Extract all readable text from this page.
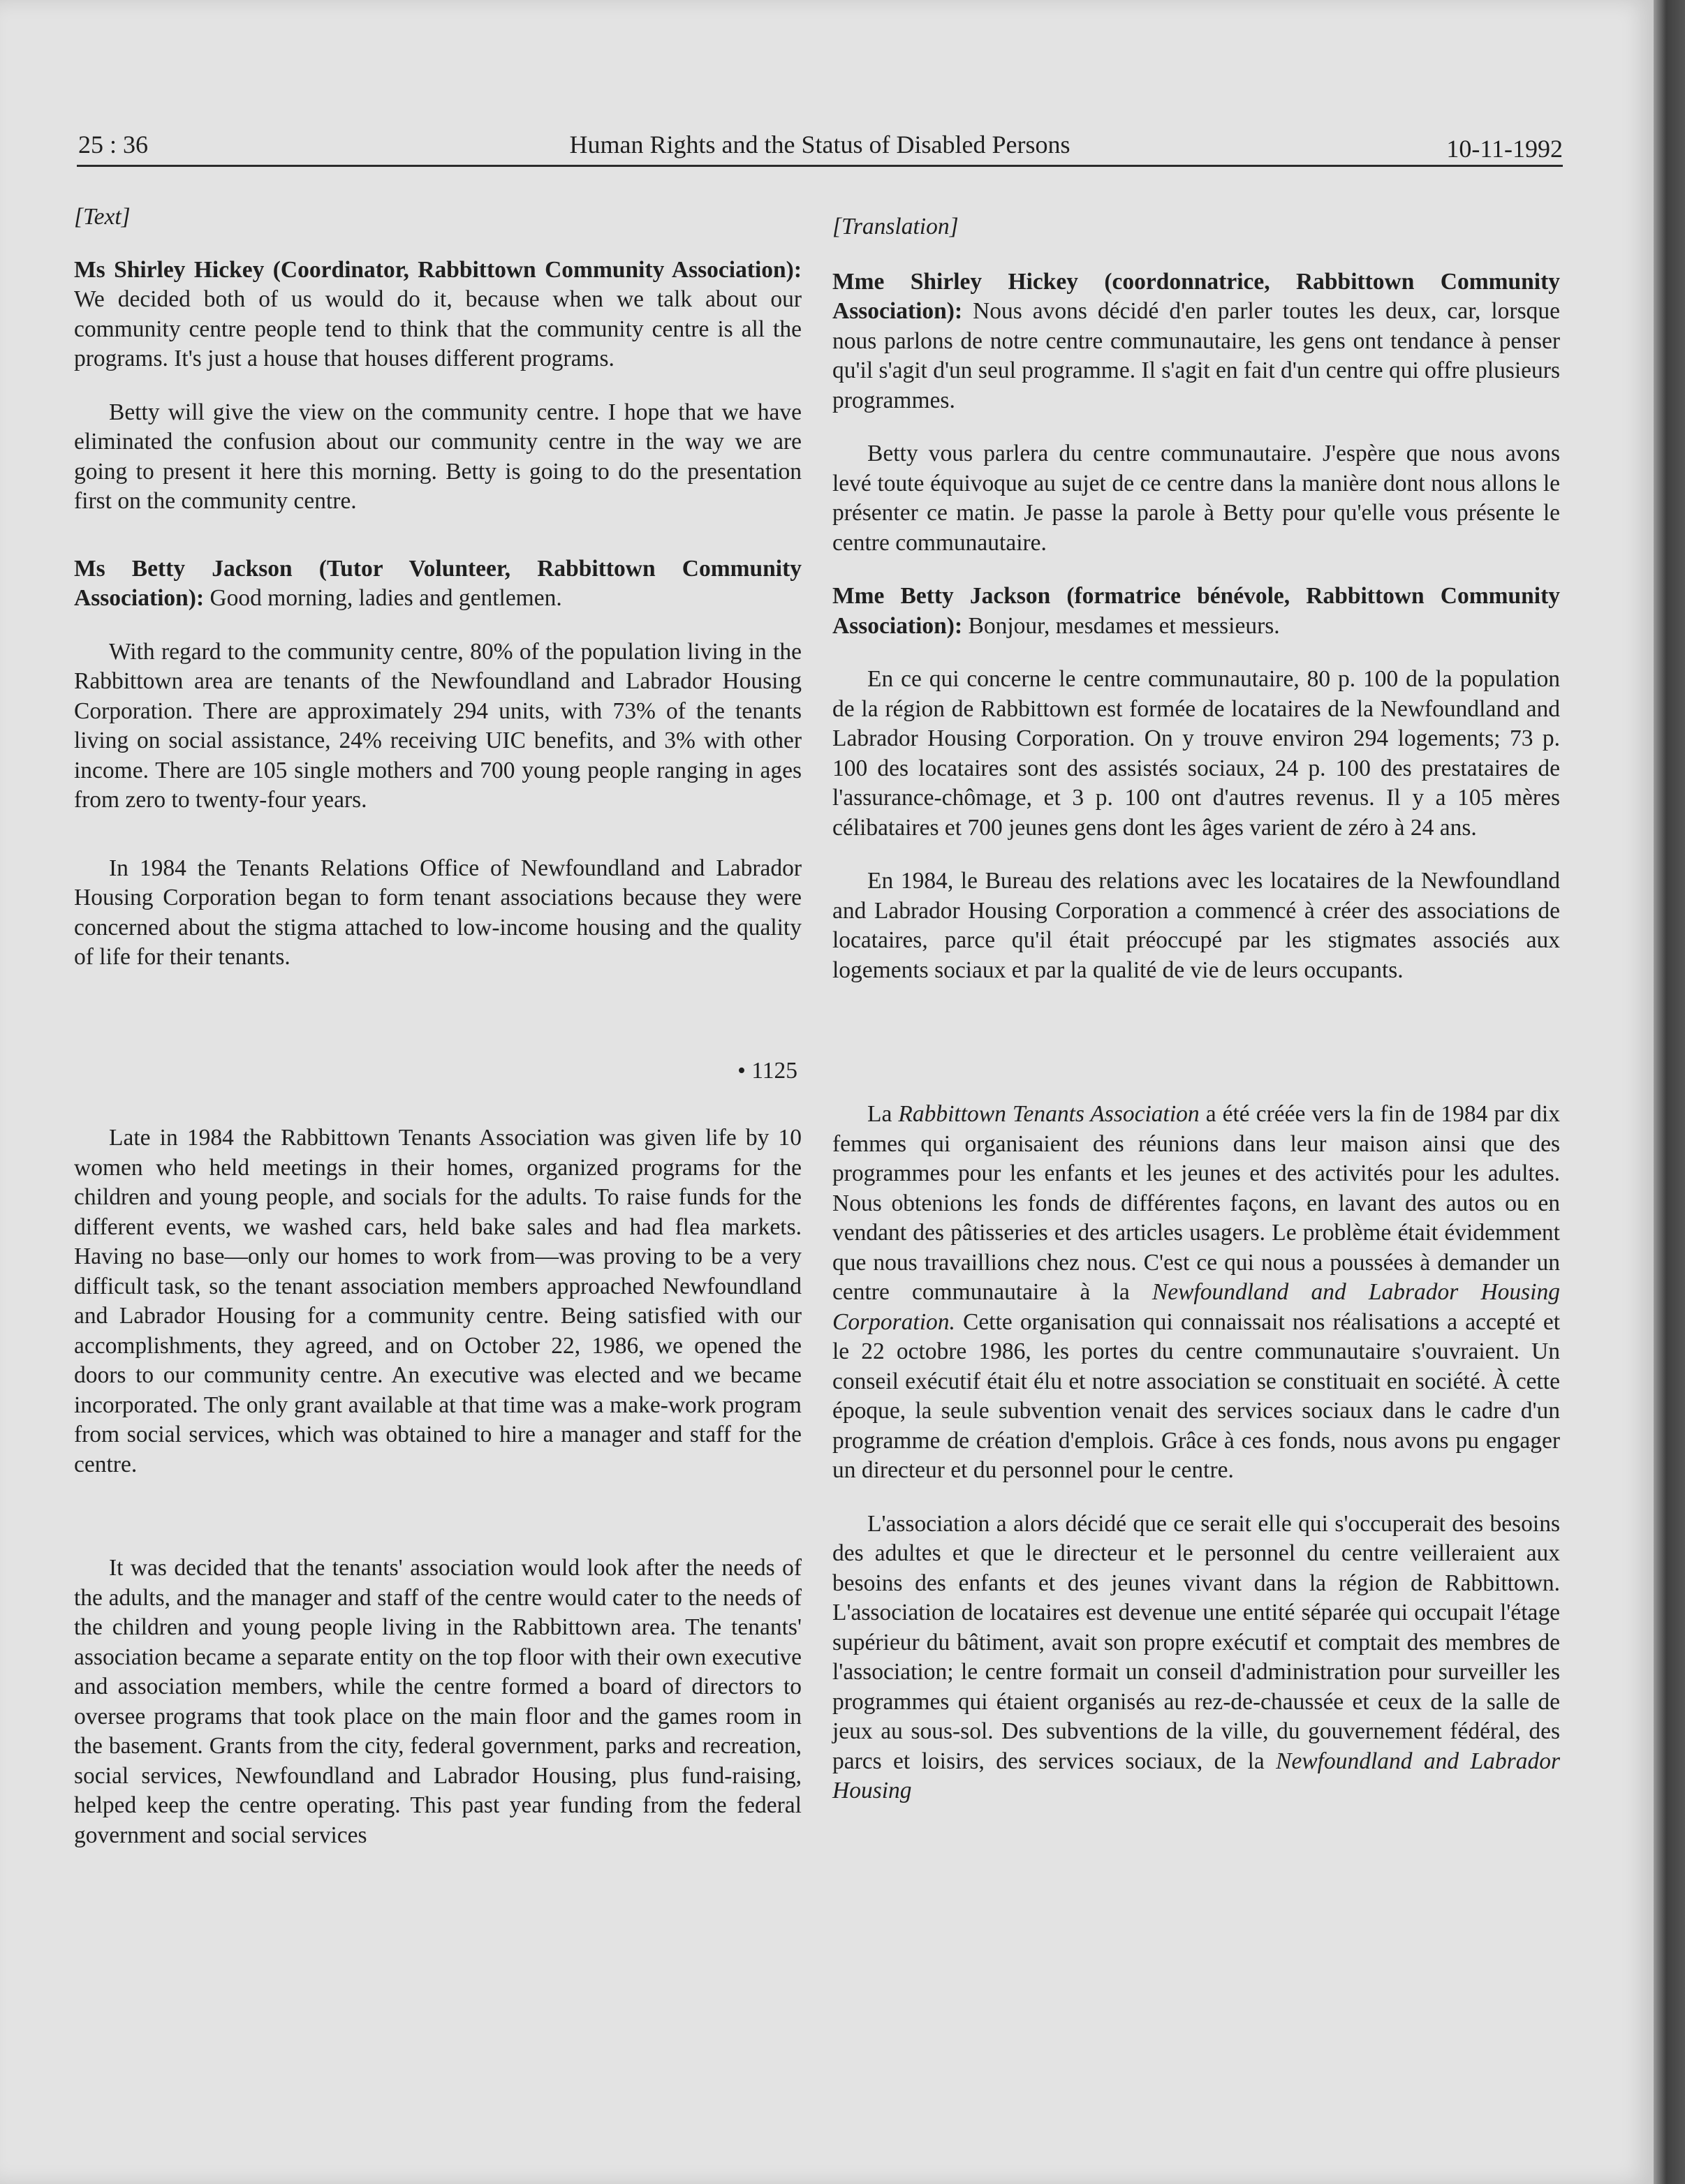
25 : 36	Human Rights and the Status of Disabled Persons	10-11-1992

[Text]

Ms Shirley Hickey (Coordinator, Rabbittown Community Association): We decided both of us would do it, because when we talk about our community centre people tend to think that the community centre is all the programs. It's just a house that houses different programs.

Betty will give the view on the community centre. I hope that we have eliminated the confusion about our community centre in the way we are going to present it here this morning. Betty is going to do the presentation first on the community centre.

Ms Betty Jackson (Tutor Volunteer, Rabbittown Community Association): Good morning, ladies and gentlemen.

With regard to the community centre, 80% of the population living in the Rabbittown area are tenants of the Newfoundland and Labrador Housing Corporation. There are approximately 294 units, with 73% of the tenants living on social assistance, 24% receiving UIC benefits, and 3% with other income. There are 105 single mothers and 700 young people ranging in ages from zero to twenty-four years.

In 1984 the Tenants Relations Office of Newfoundland and Labrador Housing Corporation began to form tenant associations because they were concerned about the stigma attached to low-income housing and the quality of life for their tenants.

• 1125

Late in 1984 the Rabbittown Tenants Association was given life by 10 women who held meetings in their homes, organized programs for the children and young people, and socials for the adults. To raise funds for the different events, we washed cars, held bake sales and had flea markets. Having no base—only our homes to work from—was proving to be a very difficult task, so the tenant association members approached Newfoundland and Labrador Housing for a community centre. Being satisfied with our accomplishments, they agreed, and on October 22, 1986, we opened the doors to our community centre. An executive was elected and we became incorporated. The only grant available at that time was a make-work program from social services, which was obtained to hire a manager and staff for the centre.

It was decided that the tenants' association would look after the needs of the adults, and the manager and staff of the centre would cater to the needs of the children and young people living in the Rabbittown area. The tenants' association became a separate entity on the top floor with their own executive and association members, while the centre formed a board of directors to oversee programs that took place on the main floor and the games room in the basement. Grants from the city, federal government, parks and recreation, social services, Newfoundland and Labrador Housing, plus fund-raising, helped keep the centre operating. This past year funding from the federal government and social services

[Translation]

Mme Shirley Hickey (coordonnatrice, Rabbittown Community Association): Nous avons décidé d'en parler toutes les deux, car, lorsque nous parlons de notre centre communautaire, les gens ont tendance à penser qu'il s'agit d'un seul programme. Il s'agit en fait d'un centre qui offre plusieurs programmes.

Betty vous parlera du centre communautaire. J'espère que nous avons levé toute équivoque au sujet de ce centre dans la manière dont nous allons le présenter ce matin. Je passe la parole à Betty pour qu'elle vous présente le centre communautaire.

Mme Betty Jackson (formatrice bénévole, Rabbittown Community Association): Bonjour, mesdames et messieurs.

En ce qui concerne le centre communautaire, 80 p. 100 de la population de la région de Rabbittown est formée de locataires de la Newfoundland and Labrador Housing Corporation. On y trouve environ 294 logements; 73 p. 100 des locataires sont des assistés sociaux, 24 p. 100 des prestataires de l'assurance-chômage, et 3 p. 100 ont d'autres revenus. Il y a 105 mères célibataires et 700 jeunes gens dont les âges varient de zéro à 24 ans.

En 1984, le Bureau des relations avec les locataires de la Newfoundland and Labrador Housing Corporation a commencé à créer des associations de locataires, parce qu'il était préoccupé par les stigmates associés aux logements sociaux et par la qualité de vie de leurs occupants.

La Rabbittown Tenants Association a été créée vers la fin de 1984 par dix femmes qui organisaient des réunions dans leur maison ainsi que des programmes pour les enfants et les jeunes et des activités pour les adultes. Nous obtenions les fonds de différentes façons, en lavant des autos ou en vendant des pâtisseries et des articles usagers. Le problème était évidemment que nous travaillions chez nous. C'est ce qui nous a poussées à demander un centre communautaire à la Newfoundland and Labrador Housing Corporation. Cette organisation qui connaissait nos réalisations a accepté et le 22 octobre 1986, les portes du centre communautaire s'ouvraient. Un conseil exécutif était élu et notre association se constituait en société. À cette époque, la seule subvention venait des services sociaux dans le cadre d'un programme de création d'emplois. Grâce à ces fonds, nous avons pu engager un directeur et du personnel pour le centre.

L'association a alors décidé que ce serait elle qui s'occuperait des besoins des adultes et que le directeur et le personnel du centre veilleraient aux besoins des enfants et des jeunes vivant dans la région de Rabbittown. L'association de locataires est devenue une entité séparée qui occupait l'étage supérieur du bâtiment, avait son propre exécutif et comptait des membres de l'association; le centre formait un conseil d'administration pour surveiller les programmes qui étaient organisés au rez-de-chaussée et ceux de la salle de jeux au sous-sol. Des subventions de la ville, du gouvernement fédéral, des parcs et loisirs, des services sociaux, de la Newfoundland and Labrador Housing
